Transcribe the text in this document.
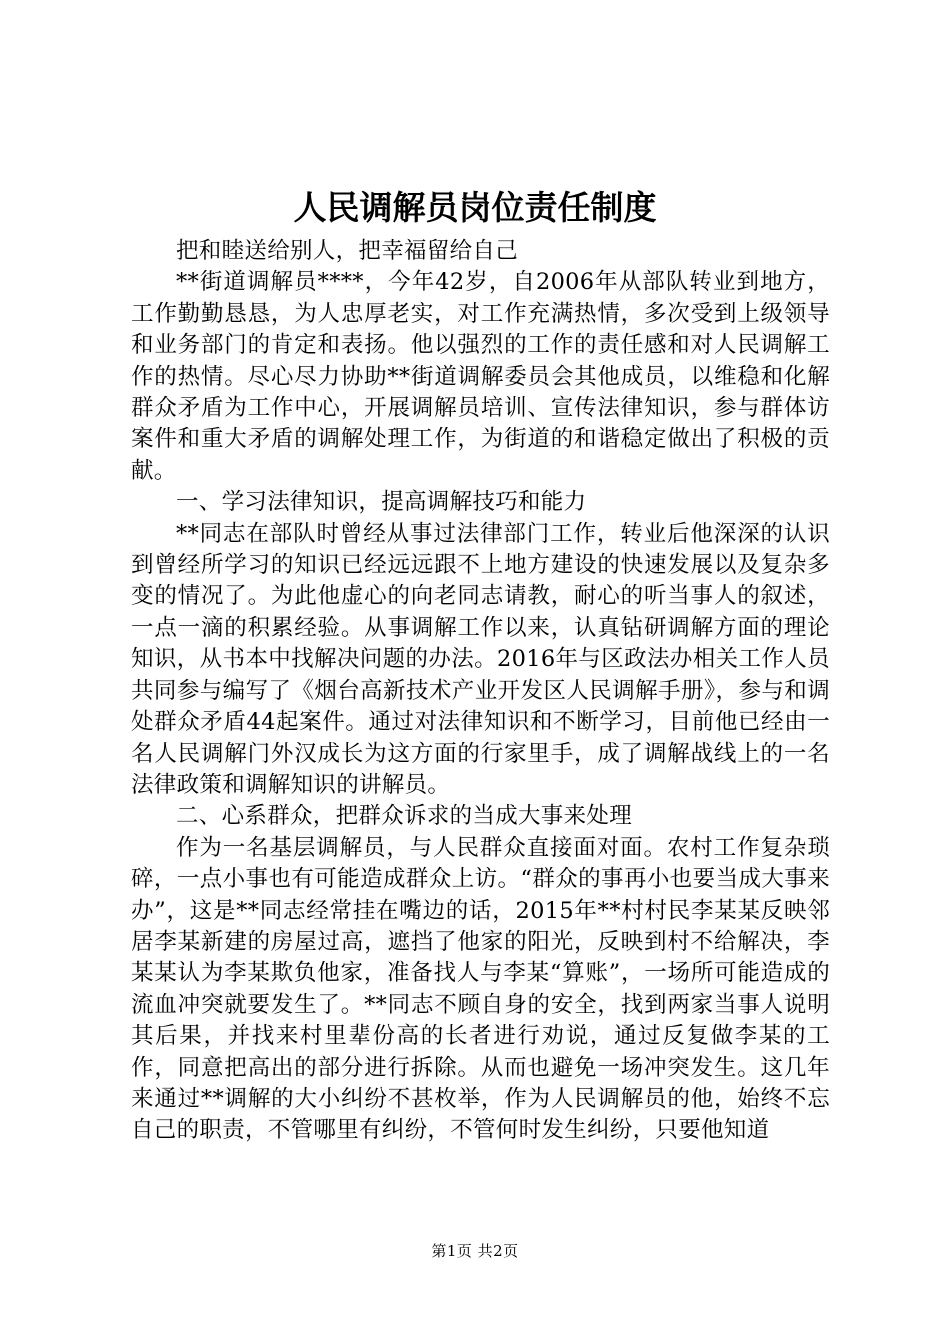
人民调解员岗位责任制度

把和睦送给别人，把幸福留给自己

**街道调解员****，今年42岁，自2006年从部队转业到地方，工作勤勤恳恳，为人忠厚老实，对工作充满热情，多次受到上级领导和业务部门的肯定和表扬。他以强烈的工作的责任感和对人民调解工作的热情。尽心尽力协助**街道调解委员会其他成员，以维稳和化解群众矛盾为工作中心，开展调解员培训、宣传法律知识，参与群体访案件和重大矛盾的调解处理工作，为街道的和谐稳定做出了积极的贡献。

一、学习法律知识，提高调解技巧和能力

**同志在部队时曾经从事过法律部门工作，转业后他深深的认识到曾经所学习的知识已经远远跟不上地方建设的快速发展以及复杂多变的情况了。为此他虚心的向老同志请教，耐心的听当事人的叙述，一点一滴的积累经验。从事调解工作以来，认真钻研调解方面的理论知识，从书本中找解决问题的办法。2016年与区政法办相关工作人员共同参与编写了《烟台高新技术产业开发区人民调解手册》，参与和调处群众矛盾44起案件。通过对法律知识和不断学习，目前他已经由一名人民调解门外汉成长为这方面的行家里手，成了调解战线上的一名法律政策和调解知识的讲解员。

二、心系群众，把群众诉求的当成大事来处理

作为一名基层调解员，与人民群众直接面对面。农村工作复杂琐碎，一点小事也有可能造成群众上访。“群众的事再小也要当成大事来办”，这是**同志经常挂在嘴边的话，2015年**村村民李某某反映邻居李某新建的房屋过高，遮挡了他家的阳光，反映到村不给解决，李某某认为李某欺负他家，准备找人与李某“算账”，一场所可能造成的流血冲突就要发生了。**同志不顾自身的安全，找到两家当事人说明其后果，并找来村里辈份高的长者进行劝说，通过反复做李某的工作，同意把高出的部分进行拆除。从而也避免一场冲突发生。这几年来通过**调解的大小纠纷不甚枚举，作为人民调解员的他，始终不忘自己的职责，不管哪里有纠纷，不管何时发生纠纷，只要他知道

第1页 共2页
